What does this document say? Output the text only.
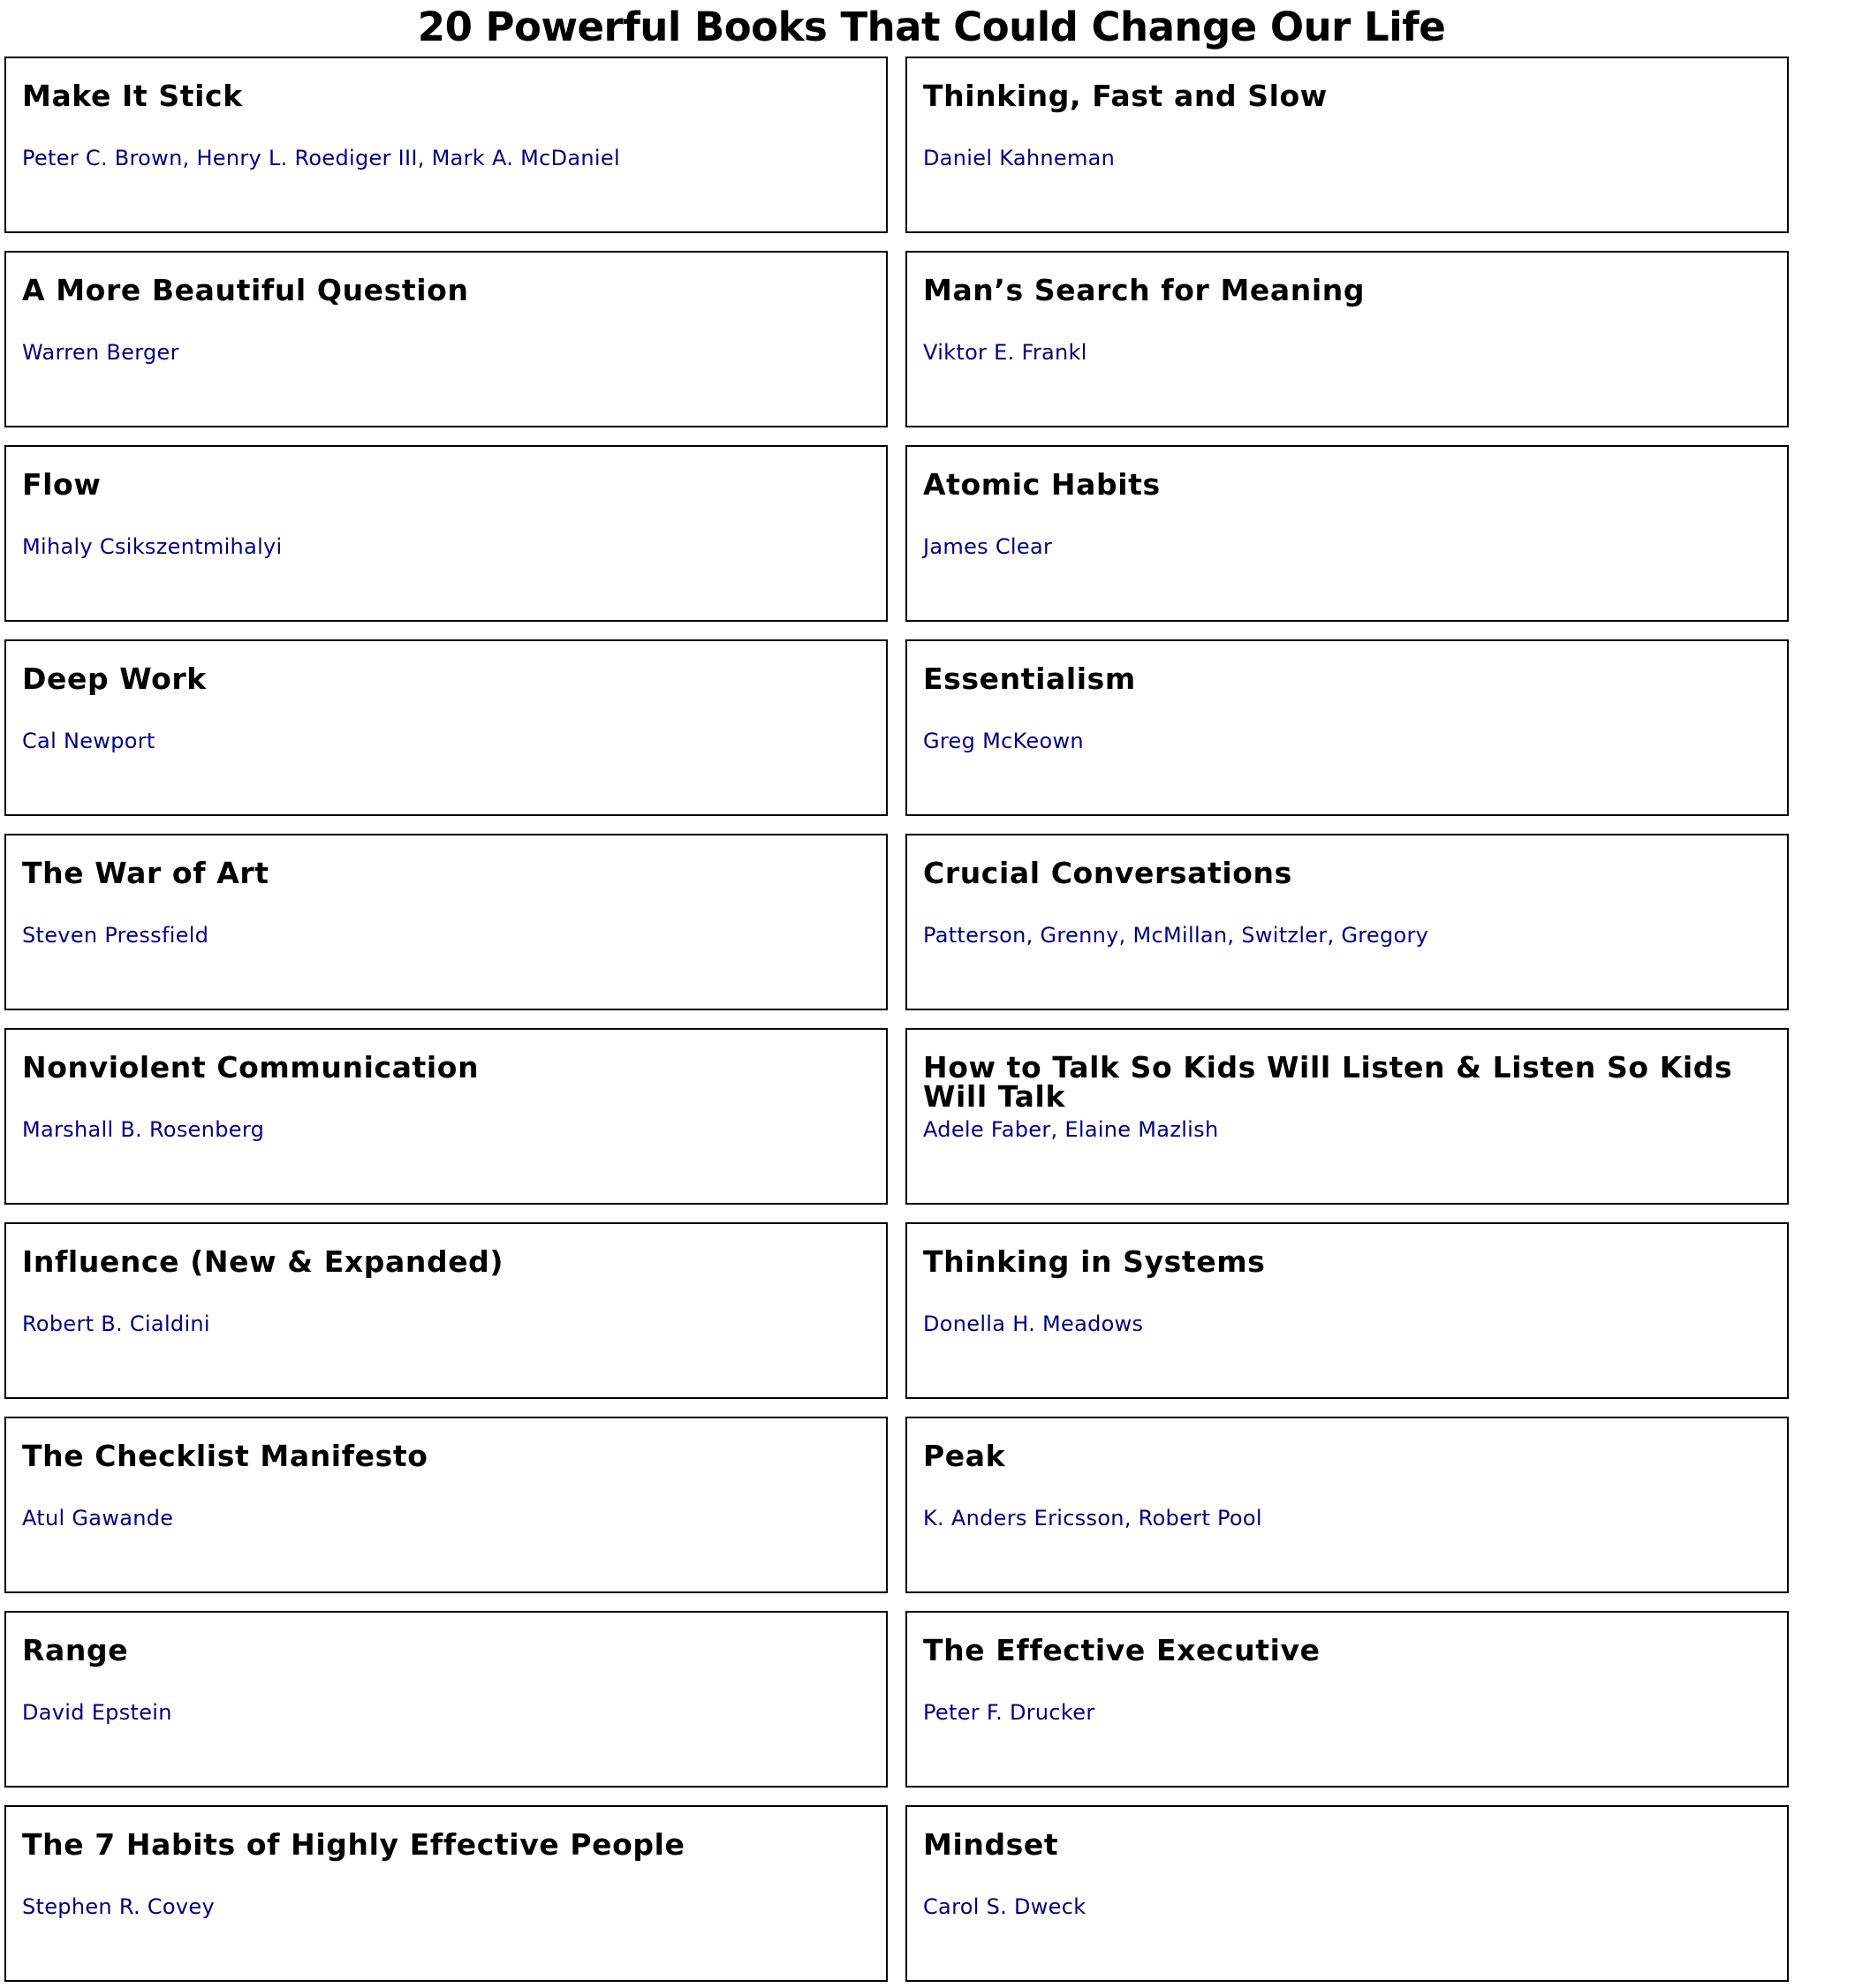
20 Powerful Books That Could Change Our Life
Make It Stick
Peter C. Brown, Henry L. Roediger III, Mark A. McDaniel
Thinking, Fast and Slow
Daniel Kahneman
A More Beautiful Question
Warren Berger
Man’s Search for Meaning
Viktor E. Frankl
Flow
Mihaly Csikszentmihalyi
Atomic Habits
James Clear
Deep Work
Cal Newport
Essentialism
Greg McKeown
The War of Art
Steven Pressfield
Crucial Conversations
Patterson, Grenny, McMillan, Switzler, Gregory
Nonviolent Communication
Marshall B. Rosenberg
How to Talk So Kids Will Listen & Listen So Kids Will Talk
Adele Faber, Elaine Mazlish
Influence (New & Expanded)
Robert B. Cialdini
Thinking in Systems
Donella H. Meadows
The Checklist Manifesto
Atul Gawande
Peak
K. Anders Ericsson, Robert Pool
Range
David Epstein
The Effective Executive
Peter F. Drucker
The 7 Habits of Highly Effective People
Stephen R. Covey
Mindset
Carol S. Dweck
